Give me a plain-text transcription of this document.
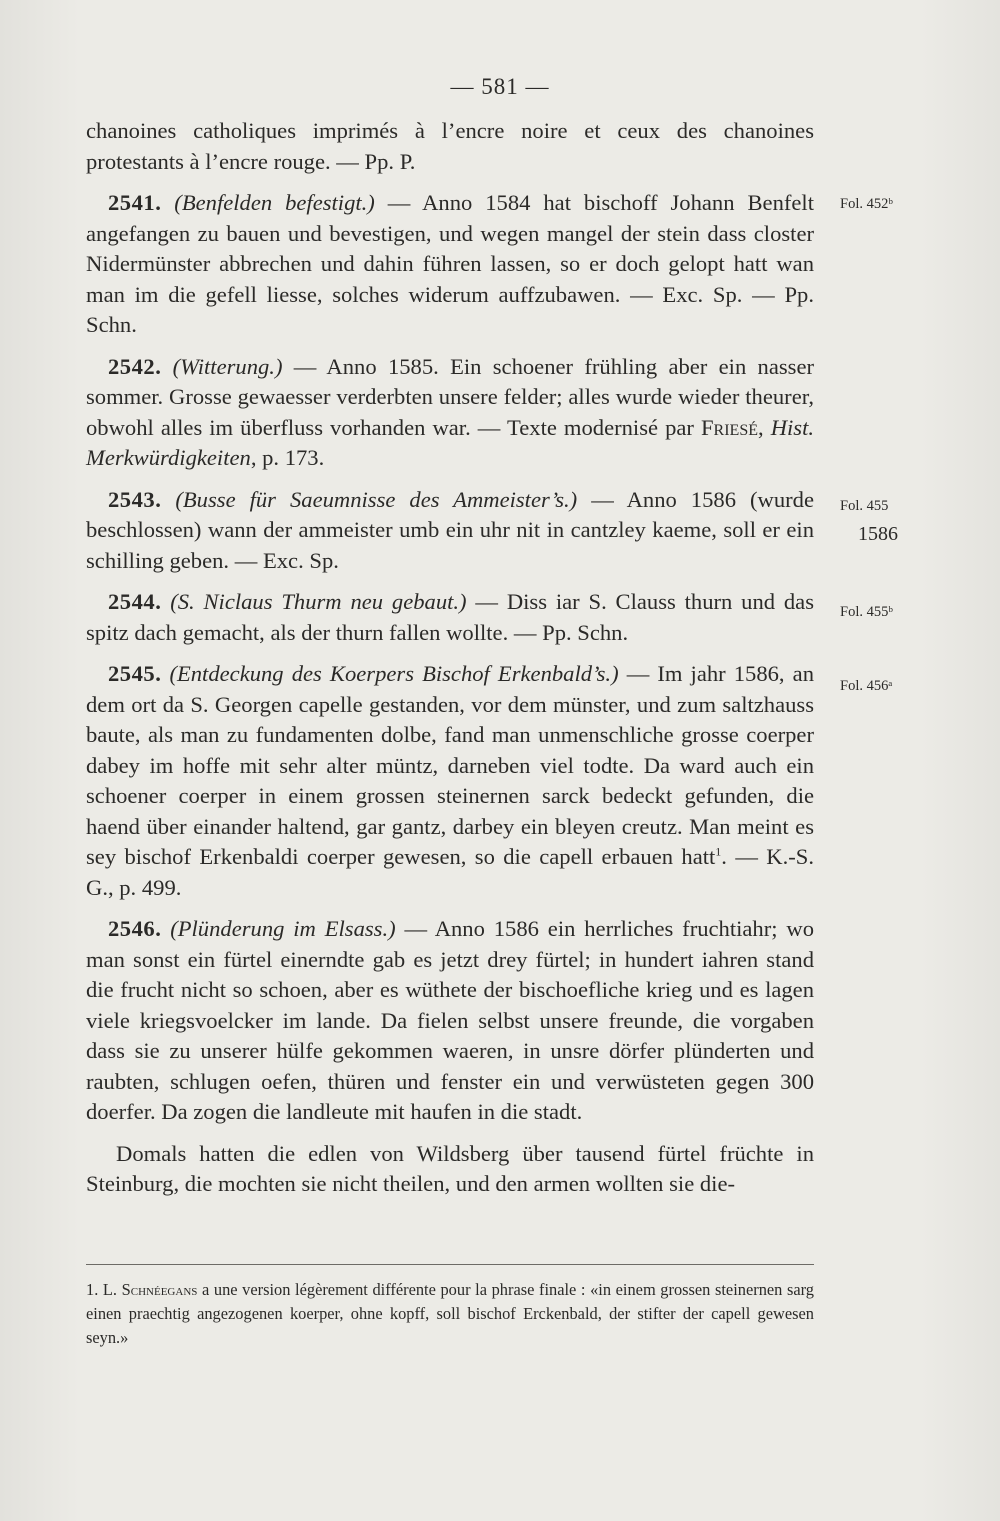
— 581 —

chanoines catholiques imprimés à l’encre noire et ceux des chanoines protestants à l’encre rouge. — Pp. P.

2541. (Benfelden befestigt.) — Anno 1584 hat bischoff Johann Benfelt angefangen zu bauen und bevestigen, und wegen mangel der stein dass closter Nidermünster abbrechen und dahin führen lassen, so er doch gelopt hatt wan man im die gefell liesse, solches widerum auffzubawen. — Exc. Sp. — Pp. Schn.

2542. (Witterung.) — Anno 1585. Ein schoener frühling aber ein nasser sommer. Grosse gewaesser verderbten unsere felder; alles wurde wieder theurer, obwohl alles im überfluss vorhanden war. — Texte modernisé par Friesé, Hist. Merkwürdigkeiten, p. 173.

2543. (Busse für Saeumnisse des Ammeister’s.) — Anno 1586 (wurde beschlossen) wann der ammeister umb ein uhr nit in cantzley kaeme, soll er ein schilling geben. — Exc. Sp.

2544. (S. Niclaus Thurm neu gebaut.) — Diss iar S. Clauss thurn und das spitz dach gemacht, als der thurn fallen wollte. — Pp. Schn.

2545. (Entdeckung des Koerpers Bischof Erkenbald’s.) — Im jahr 1586, an dem ort da S. Georgen capelle gestanden, vor dem münster, und zum saltzhauss baute, als man zu fundamenten dolbe, fand man unmenschliche grosse coerper dabey im hoffe mit sehr alter müntz, darneben viel todte. Da ward auch ein schoener coerper in einem grossen steinernen sarck bedeckt gefunden, die haend über einander haltend, gar gantz, darbey ein bleyen creutz. Man meint es sey bischof Erkenbaldi coerper gewesen, so die capell erbauen hatt$^1$. — K.-S. G., p. 499.

2546. (Plünderung im Elsass.) — Anno 1586 ein herrliches fruchtiahr; wo man sonst ein fürtel einerndte gab es jetzt drey fürtel; in hundert iahren stand die frucht nicht so schoen, aber es wüthete der bischoefliche krieg und es lagen viele kriegsvoelcker im lande. Da fielen selbst unsere freunde, die vorgaben dass sie zu unserer hülfe gekommen waeren, in unsre dörfer plünderten und raubten, schlugen oefen, thüren und fenster ein und verwüsteten gegen 300 doerfer. Da zogen die landleute mit haufen in die stadt.

Domals hatten die edlen von Wildsberg über tausend fürtel früchte in Steinburg, die mochten sie nicht theilen, und den armen wollten sie die-

Fol. 452ᵇ
Fol. 455
1586
Fol. 455ᵇ
Fol. 456ᵃ
1. L. Schnéegans a une version légèrement différente pour la phrase finale : «in einem grossen steinernen sarg einen praechtig angezogenen koerper, ohne kopff, soll bischof Erckenbald, der stifter der capell gewesen seyn.»
